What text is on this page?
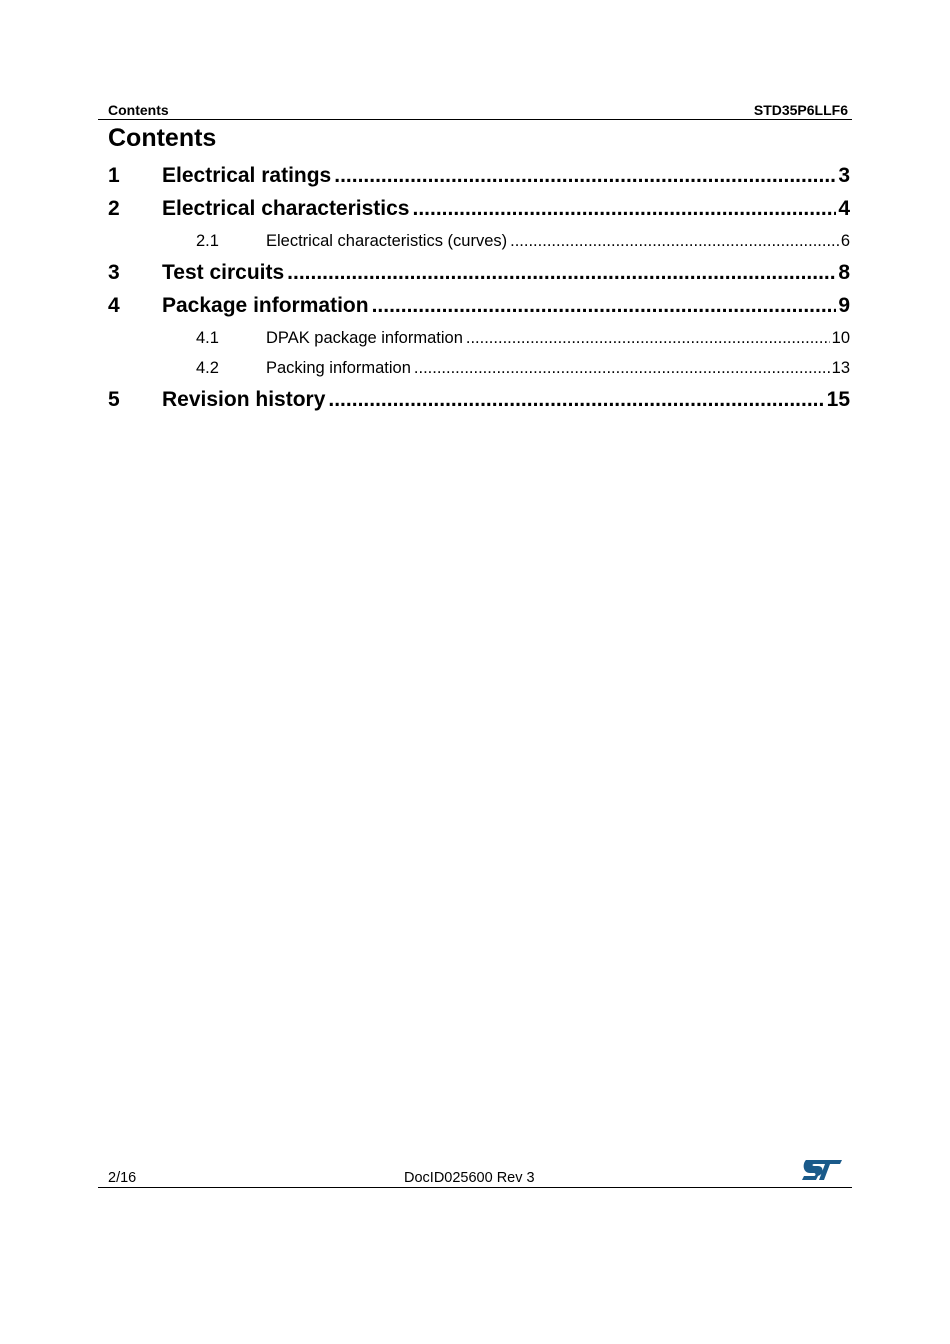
Contents	STD35P6LLF6
Contents
1	Electrical ratings .....	3
2	Electrical characteristics .....	4
2.1	Electrical characteristics (curves) .....	6
3	Test circuits .....	8
4	Package information .....	9
4.1	DPAK package information .....	10
4.2	Packing information .....	13
5	Revision history .....	15
2/16	DocID025600 Rev 3
